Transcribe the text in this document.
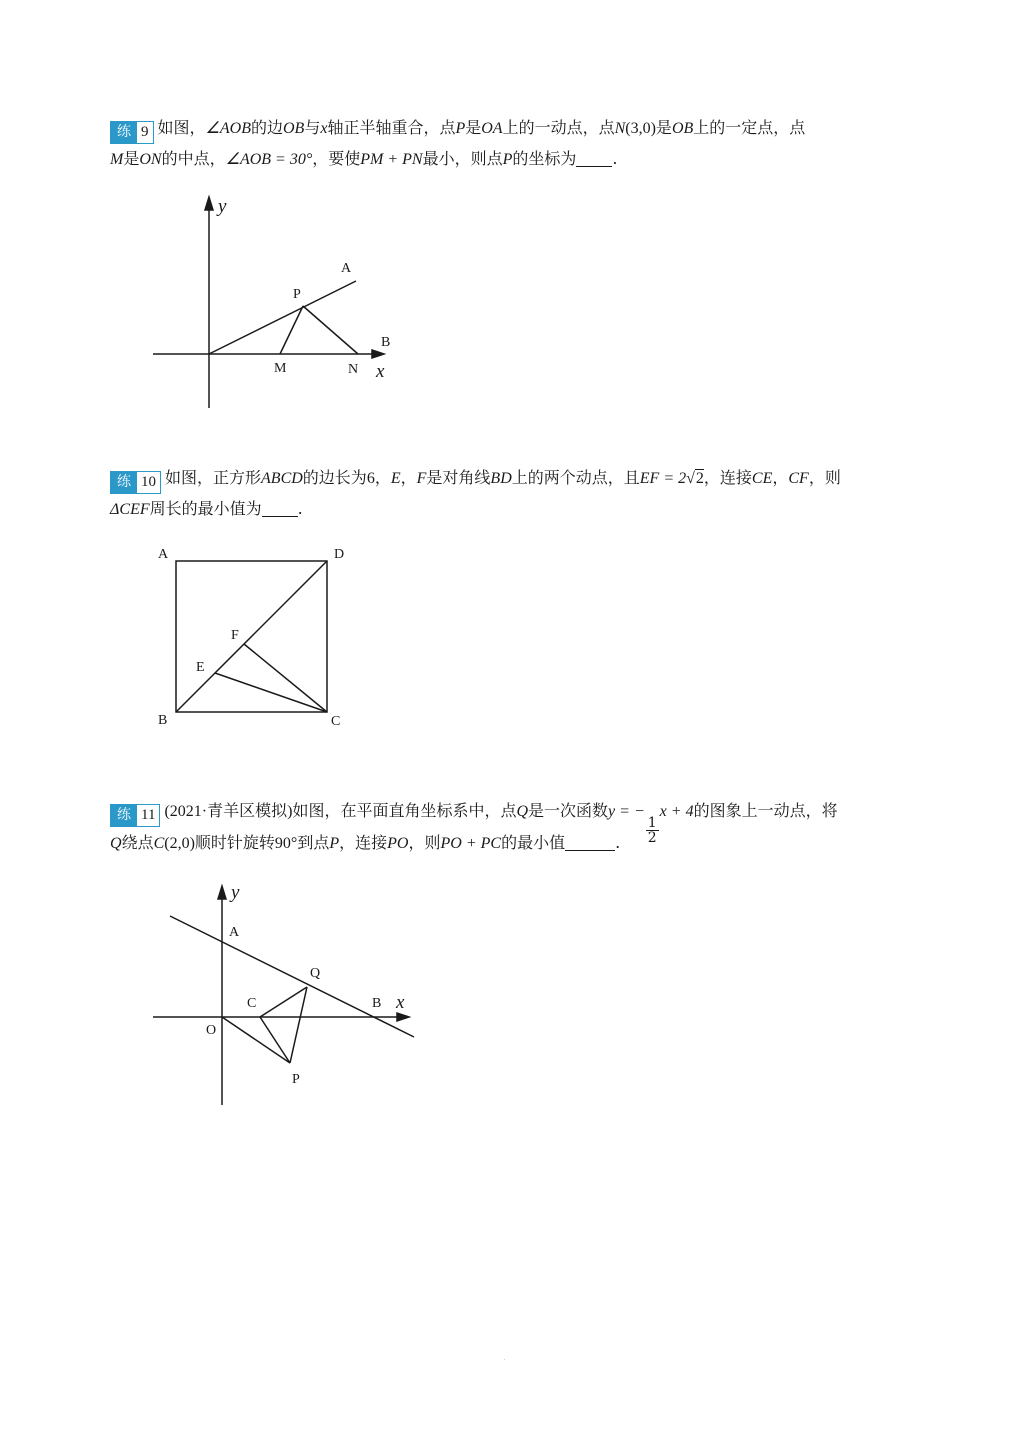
练 9 如图，∠AOB的边OB与x轴正半轴重合，点P是OA上的一动点，点N(3,0)是OB上的一定点，点
M是ON的中点，∠AOB = 30°，要使PM + PN最小，则点P的坐标为 .
y
A
P
B
M	N x
练 10 如图，正方形ABCD的边长为6，E，F是对角线BD上的两个动点，且EF = 2√2，连接CE，CF，则
ΔCEF周长的最小值为 .
A	D
F
E
B	C
练 11 (2021·青羊区模拟)如图，在平面直角坐标系中，点Q是一次函数y = −
$\frac{1}{2}$
x + 4的图象上一动点，将
Q绕点C(2,0)顺时针旋转90°到点P，连接PO，则PO + PC的最小值	.
y
A
Q
C	B x
O
P
·
